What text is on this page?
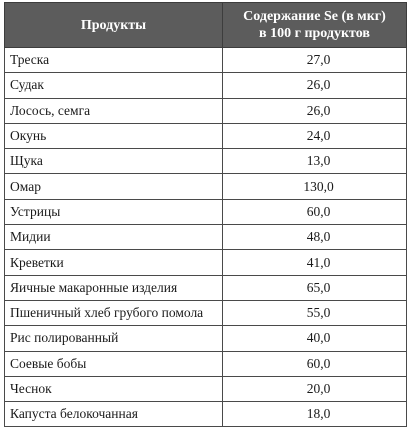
Продукты	Содержание Se (в мкг)
в 100 г продуктов
Треска	27,0
Судак	26,0
Лосось, семга	26,0
Окунь	24,0
Щука	13,0
Омар	130,0
Устрицы	60,0
Мидии	48,0
Креветки	41,0
Яичные макаронные изделия	65,0
Пшеничный хлеб грубого помола	55,0
Рис полированный	40,0
Соевые бобы	60,0
Чеснок	20,0
Капуста белокочанная	18,0
